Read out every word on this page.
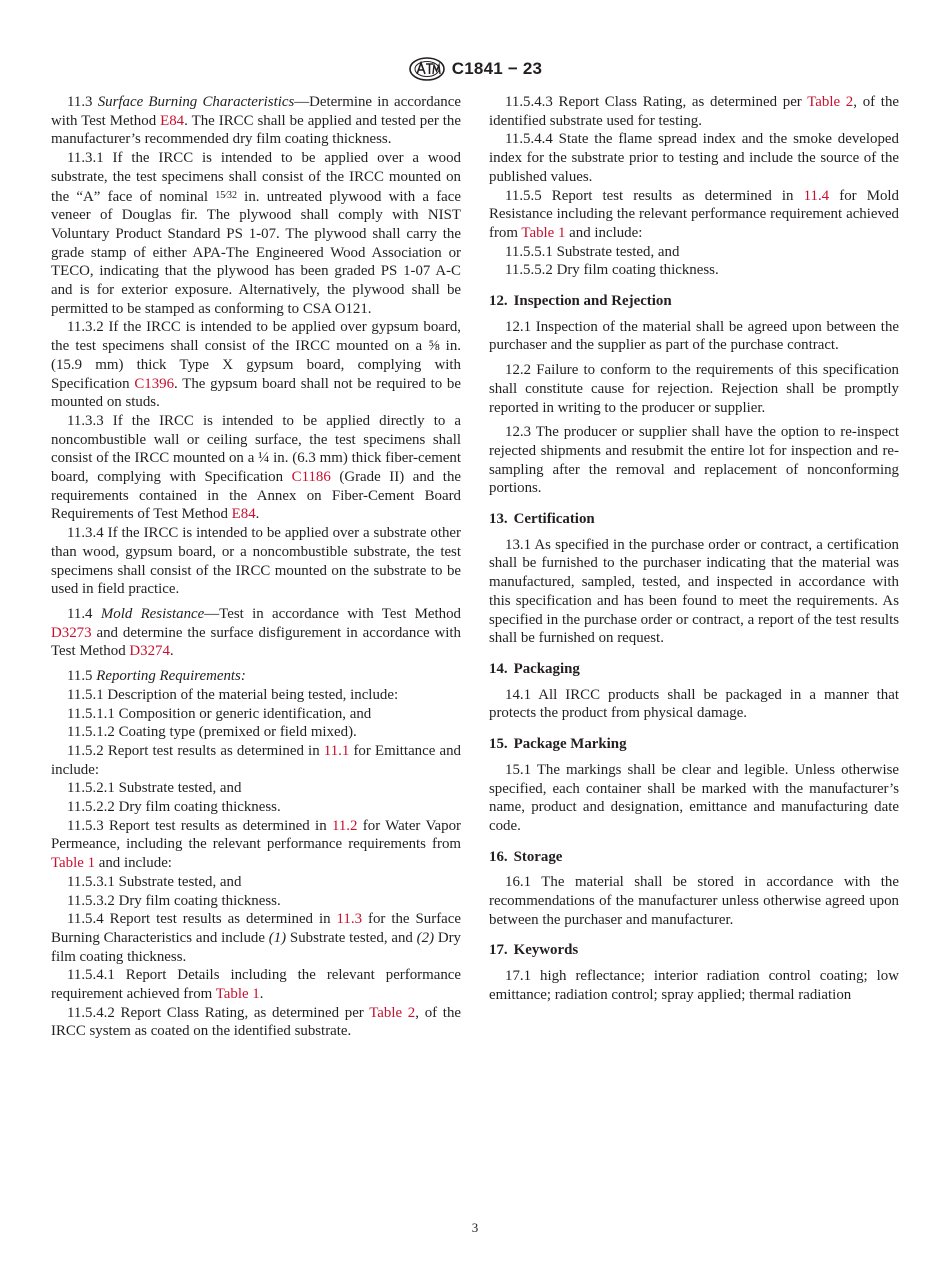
C1841 − 23

11.3 Surface Burning Characteristics—Determine in accordance with Test Method E84. The IRCC shall be applied and tested per the manufacturer’s recommended dry film coating thickness.

11.3.1 If the IRCC is intended to be applied over a wood substrate, the test specimens shall consist of the IRCC mounted on the “A” face of nominal $^{15⁄32}$ in. untreated plywood with a face veneer of Douglas fir. The plywood shall comply with NIST Voluntary Product Standard PS 1-07. The plywood shall carry the grade stamp of either APA-The Engineered Wood Association or TECO, indicating that the plywood has been graded PS 1-07 A-C and is for exterior exposure. Alternatively, the plywood shall be permitted to be stamped as conforming to CSA O121.

11.3.2 If the IRCC is intended to be applied over gypsum board, the test specimens shall consist of the IRCC mounted on a ⅝ in. (15.9 mm) thick Type X gypsum board, complying with Specification C1396. The gypsum board shall not be required to be mounted on studs.

11.3.3 If the IRCC is intended to be applied directly to a noncombustible wall or ceiling surface, the test specimens shall consist of the IRCC mounted on a ¼ in. (6.3 mm) thick fiber-cement board, complying with Specification C1186 (Grade II) and the requirements contained in the Annex on Fiber-Cement Board Requirements of Test Method E84.

11.3.4 If the IRCC is intended to be applied over a substrate other than wood, gypsum board, or a noncombustible substrate, the test specimens shall consist of the IRCC mounted on the substrate to be used in field practice.

11.4 Mold Resistance—Test in accordance with Test Method D3273 and determine the surface disfigurement in accordance with Test Method D3274.

11.5 Reporting Requirements:

11.5.1 Description of the material being tested, include:

11.5.1.1 Composition or generic identification, and

11.5.1.2 Coating type (premixed or field mixed).

11.5.2 Report test results as determined in 11.1 for Emittance and include:

11.5.2.1 Substrate tested, and

11.5.2.2 Dry film coating thickness.

11.5.3 Report test results as determined in 11.2 for Water Vapor Permeance, including the relevant performance requirements from Table 1 and include:

11.5.3.1 Substrate tested, and

11.5.3.2 Dry film coating thickness.

11.5.4 Report test results as determined in 11.3 for the Surface Burning Characteristics and include (1) Substrate tested, and (2) Dry film coating thickness.

11.5.4.1 Report Details including the relevant performance requirement achieved from Table 1.

11.5.4.2 Report Class Rating, as determined per Table 2, of the IRCC system as coated on the identified substrate.

11.5.4.3 Report Class Rating, as determined per Table 2, of the identified substrate used for testing.

11.5.4.4 State the flame spread index and the smoke developed index for the substrate prior to testing and include the source of the published values.

11.5.5 Report test results as determined in 11.4 for Mold Resistance including the relevant performance requirement achieved from Table 1 and include:

11.5.5.1 Substrate tested, and

11.5.5.2 Dry film coating thickness.

12. Inspection and Rejection

12.1 Inspection of the material shall be agreed upon between the purchaser and the supplier as part of the purchase contract.

12.2 Failure to conform to the requirements of this specification shall constitute cause for rejection. Rejection shall be promptly reported in writing to the producer or supplier.

12.3 The producer or supplier shall have the option to re-inspect rejected shipments and resubmit the entire lot for inspection and re-sampling after the removal and replacement of nonconforming portions.

13. Certification

13.1 As specified in the purchase order or contract, a certification shall be furnished to the purchaser indicating that the material was manufactured, sampled, tested, and inspected in accordance with this specification and has been found to meet the requirements. As specified in the purchase order or contract, a report of the test results shall be furnished on request.

14. Packaging

14.1 All IRCC products shall be packaged in a manner that protects the product from physical damage.

15. Package Marking

15.1 The markings shall be clear and legible. Unless otherwise specified, each container shall be marked with the manufacturer’s name, product and designation, emittance and manufacturing date code.

16. Storage

16.1 The material shall be stored in accordance with the recommendations of the manufacturer unless otherwise agreed upon between the purchaser and manufacturer.

17. Keywords

17.1 high reflectance; interior radiation control coating; low emittance; radiation control; spray applied; thermal radiation

3
